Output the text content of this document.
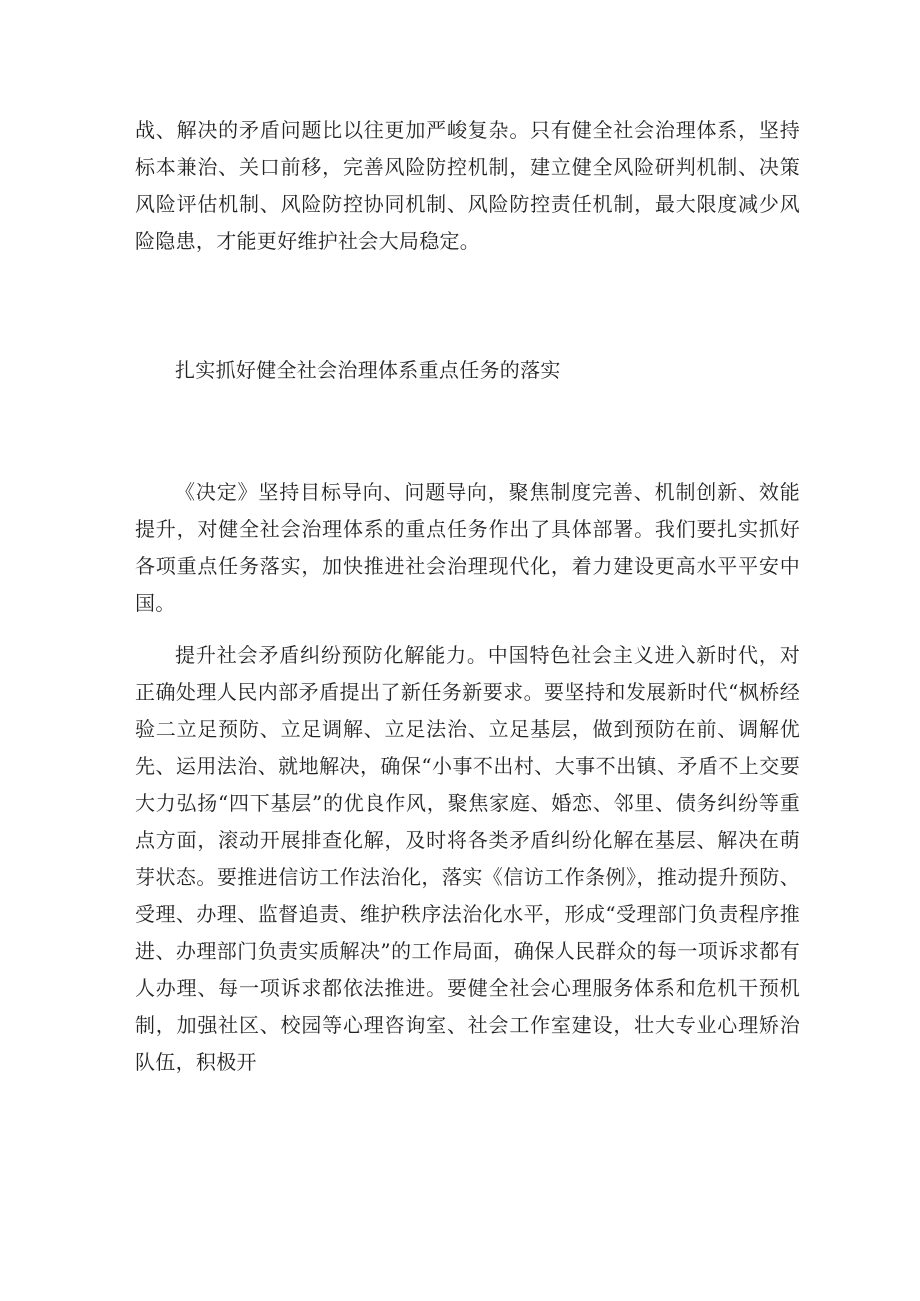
战、解决的矛盾问题比以往更加严峻复杂。只有健全社会治理体系，坚持标本兼治、关口前移，完善风险防控机制，建立健全风险研判机制、决策风险评估机制、风险防控协同机制、风险防控责任机制，最大限度减少风险隐患，才能更好维护社会大局稳定。

扎实抓好健全社会治理体系重点任务的落实

《决定》坚持目标导向、问题导向，聚焦制度完善、机制创新、效能提升，对健全社会治理体系的重点任务作出了具体部署。我们要扎实抓好各项重点任务落实，加快推进社会治理现代化，着力建设更高水平平安中国。

提升社会矛盾纠纷预防化解能力。中国特色社会主义进入新时代，对正确处理人民内部矛盾提出了新任务新要求。要坚持和发展新时代“枫桥经验二立足预防、立足调解、立足法治、立足基层，做到预防在前、调解优先、运用法治、就地解决，确保“小事不出村、大事不出镇、矛盾不上交要大力弘扬“四下基层”的优良作风，聚焦家庭、婚恋、邻里、债务纠纷等重点方面，滚动开展排查化解，及时将各类矛盾纠纷化解在基层、解决在萌芽状态。要推进信访工作法治化，落实《信访工作条例》，推动提升预防、受理、办理、监督追责、维护秩序法治化水平，形成“受理部门负责程序推进、办理部门负责实质解决”的工作局面，确保人民群众的每一项诉求都有人办理、每一项诉求都依法推进。要健全社会心理服务体系和危机干预机制，加强社区、校园等心理咨询室、社会工作室建设，壮大专业心理矫治队伍，积极开
